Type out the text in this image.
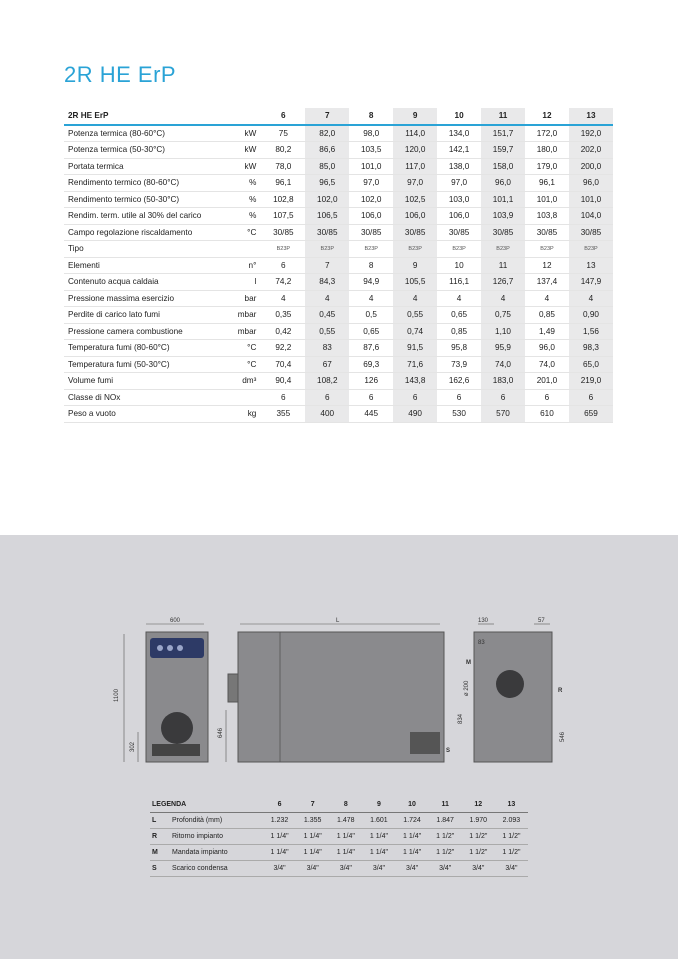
2R HE ErP
2R HE ErP		6	7	8	9	10	11	12	13
Potenza termica (80-60°C)	kW	75	82,0	98,0	114,0	134,0	151,7	172,0	192,0
Potenza termica (50-30°C)	kW	80,2	86,6	103,5	120,0	142,1	159,7	180,0	202,0
Portata termica	kW	78,0	85,0	101,0	117,0	138,0	158,0	179,0	200,0
Rendimento termico (80-60°C)	%	96,1	96,5	97,0	97,0	97,0	96,0	96,1	96,0
Rendimento termico (50-30°C)	%	102,8	102,0	102,0	102,5	103,0	101,1	101,0	101,0
Rendim. term. utile al 30% del carico	%	107,5	106,5	106,0	106,0	106,0	103,9	103,8	104,0
Campo regolazione riscaldamento	°C	30/85	30/85	30/85	30/85	30/85	30/85	30/85	30/85
Tipo		B23P	B23P	B23P	B23P	B23P	B23P	B23P	B23P
Elementi	n°	6	7	8	9	10	11	12	13
Contenuto acqua caldaia	l	74,2	84,3	94,9	105,5	116,1	126,7	137,4	147,9
Pressione massima esercizio	bar	4	4	4	4	4	4	4	4
Perdite di carico lato fumi	mbar	0,35	0,45	0,5	0,55	0,65	0,75	0,85	0,90
Pressione camera combustione	mbar	0,42	0,55	0,65	0,74	0,85	1,10	1,49	1,56
Temperatura fumi (80-60°C)	°C	92,2	83	87,6	91,5	95,8	95,9	96,0	98,3
Temperatura fumi (50-30°C)	°C	70,4	67	69,3	71,6	73,9	74,0	74,0	65,0
Volume fumi	dm³	90,4	108,2	126	143,8	162,6	183,0	201,0	219,0
Classe di NOx		6	6	6	6	6	6	6	6
Peso a vuoto	kg	355	400	445	490	530	570	610	659
600
1100
302
L
646
S
130	57
83
M
R
ø 200
834
546
LEGENDA		6	7	8	9	10	11	12	13
L	Profondità (mm)	1.232	1.355	1.478	1.601	1.724	1.847	1.970	2.093
R	Ritorno impianto	1 1/4"	1 1/4"	1 1/4"	1 1/4"	1 1/4"	1 1/2"	1 1/2"	1 1/2"
M	Mandata impianto	1 1/4"	1 1/4"	1 1/4"	1 1/4"	1 1/4"	1 1/2"	1 1/2"	1 1/2"
S	Scarico condensa	3/4"	3/4"	3/4"	3/4"	3/4"	3/4"	3/4"	3/4"
